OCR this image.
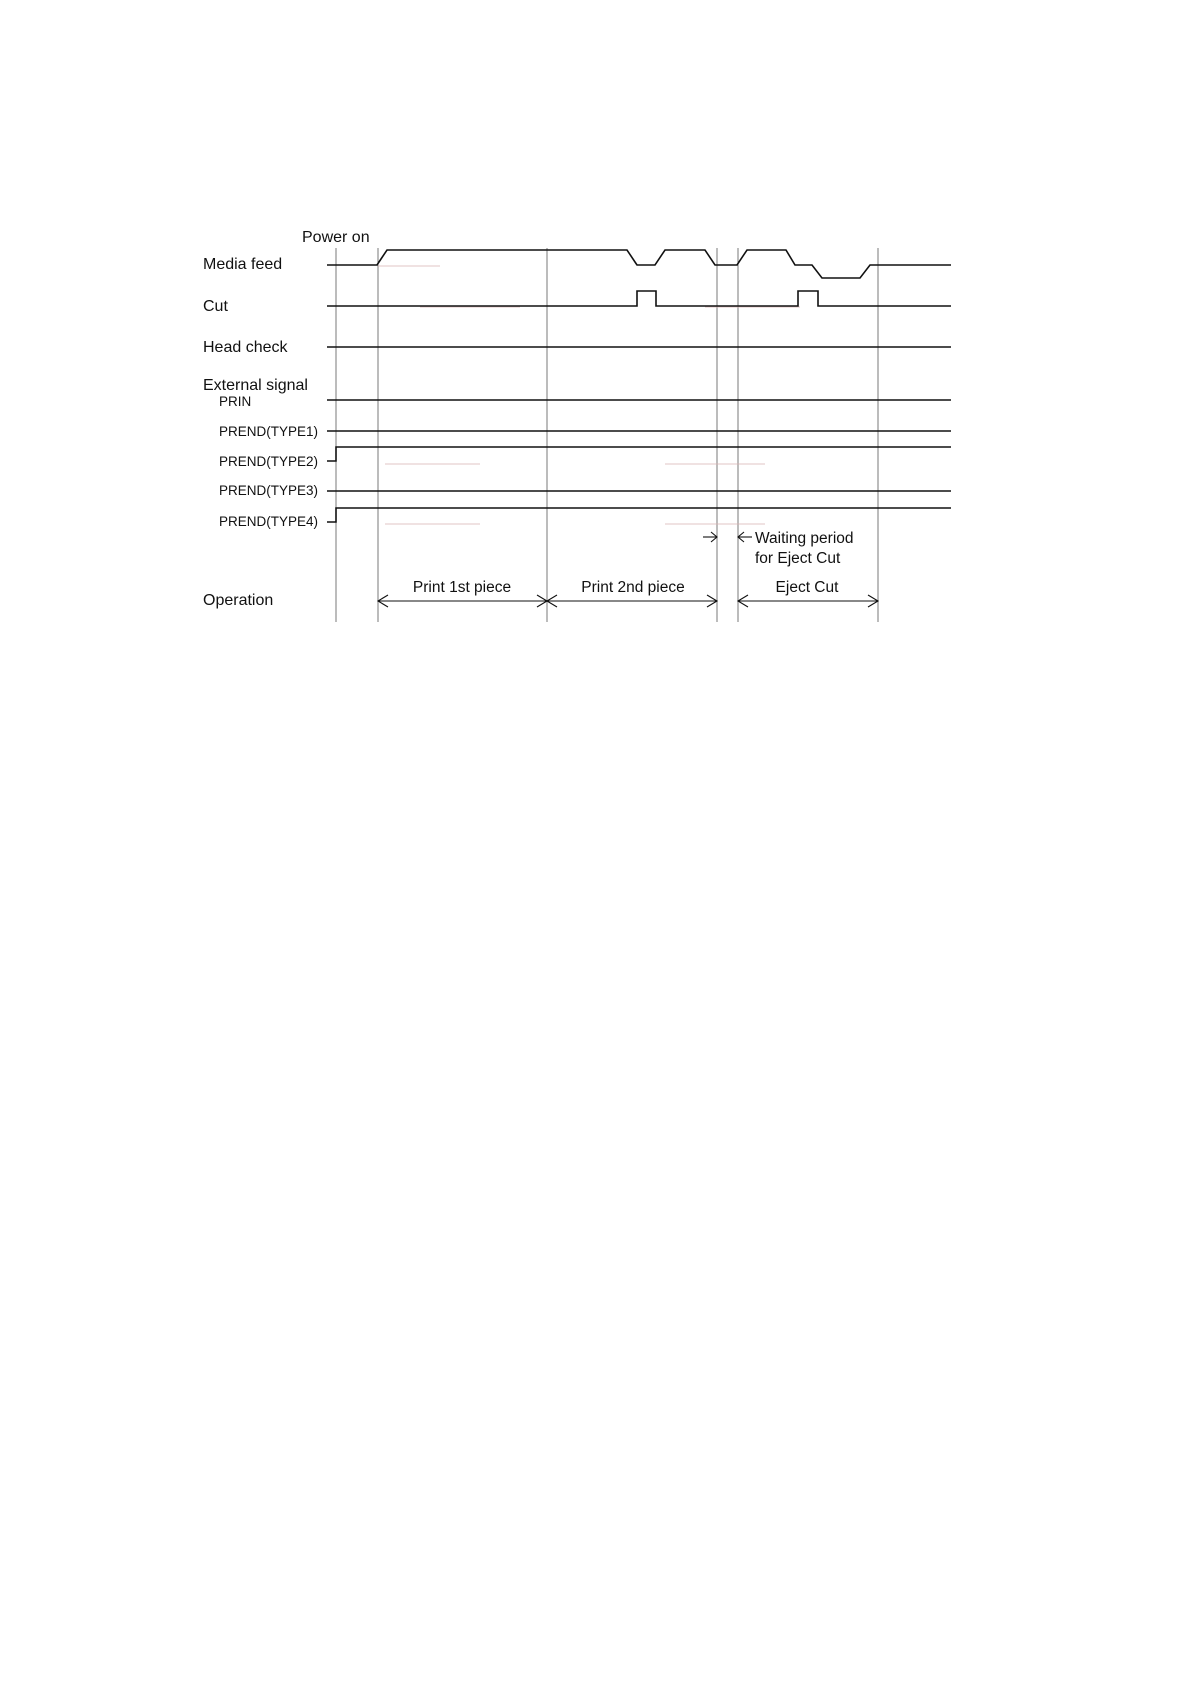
Power on
Media feed
Cut
Head check
External signal
PRIN
PREND(TYPE1)
PREND(TYPE2)
PREND(TYPE3)
PREND(TYPE4)
Operation
Waiting period
for Eject Cut
Print 1st piece	Print 2nd piece	Eject Cut
